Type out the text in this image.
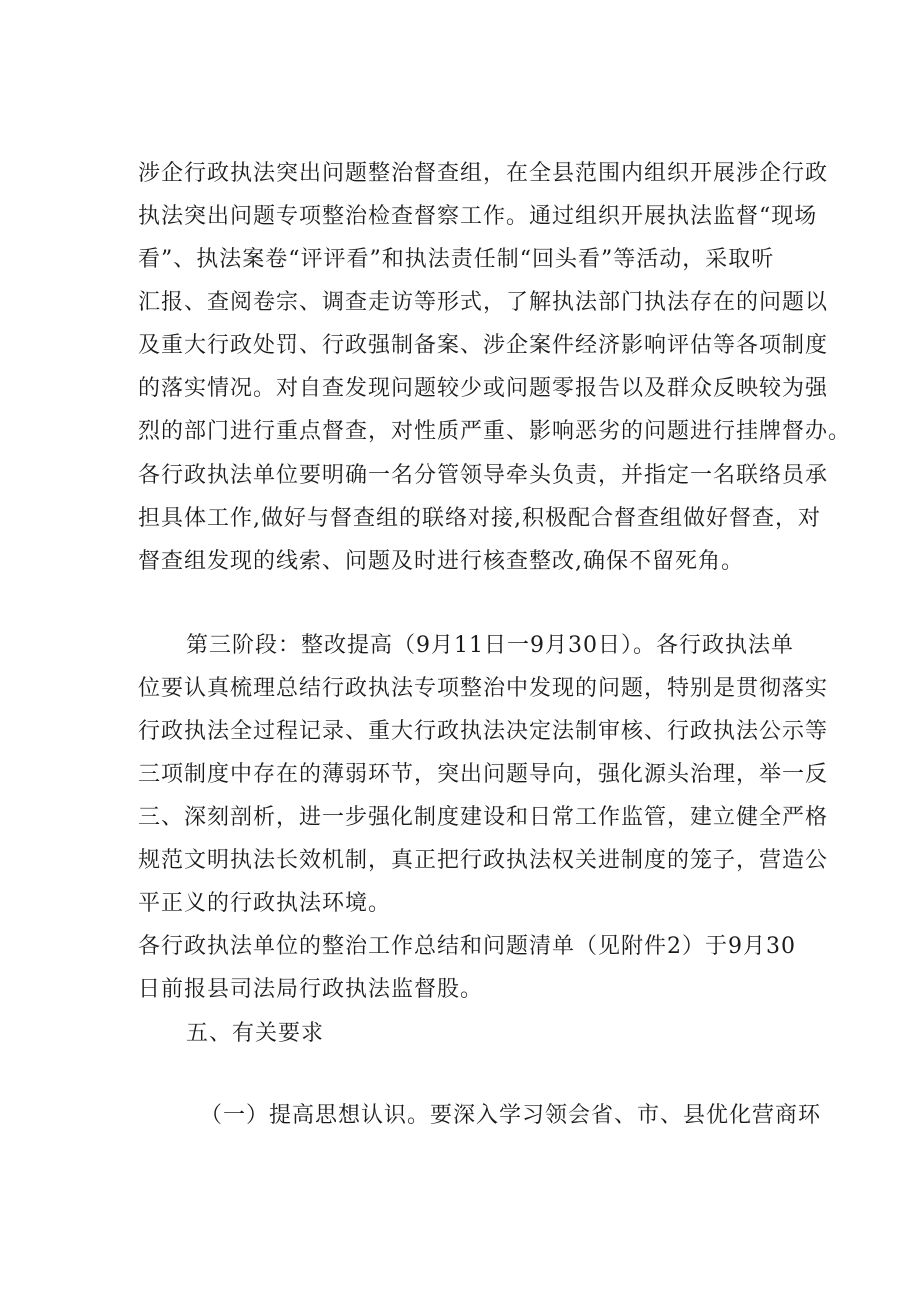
涉企行政执法突出问题整治督查组，在全县范围内组织开展涉企行政
执法突出问题专项整治检查督察工作。通过组织开展执法监督“现场
看”、执法案卷“评评看”和执法责任制“回头看”等活动，采取听
汇报、查阅卷宗、调查走访等形式，了解执法部门执法存在的问题以
及重大行政处罚、行政强制备案、涉企案件经济影响评估等各项制度
的落实情况。对自查发现问题较少或问题零报告以及群众反映较为强
烈的部门进行重点督查，对性质严重、影响恶劣的问题进行挂牌督办。
各行政执法单位要明确一名分管领导牵头负责，并指定一名联络员承
担具体工作,做好与督查组的联络对接,积极配合督查组做好督查，对
督查组发现的线索、问题及时进行核查整改,确保不留死角。
第三阶段：整改提高（9月11日一9月30日）。各行政执法单
位要认真梳理总结行政执法专项整治中发现的问题，特别是贯彻落实
行政执法全过程记录、重大行政执法决定法制审核、行政执法公示等
三项制度中存在的薄弱环节，突出问题导向，强化源头治理，举一反
三、深刻剖析，进一步强化制度建设和日常工作监管，建立健全严格
规范文明执法长效机制，真正把行政执法权关进制度的笼子，营造公
平正义的行政执法环境。
各行政执法单位的整治工作总结和问题清单（见附件2）于9月30
日前报县司法局行政执法监督股。
五、有关要求
（一）提高思想认识。要深入学习领会省、市、县优化营商环
